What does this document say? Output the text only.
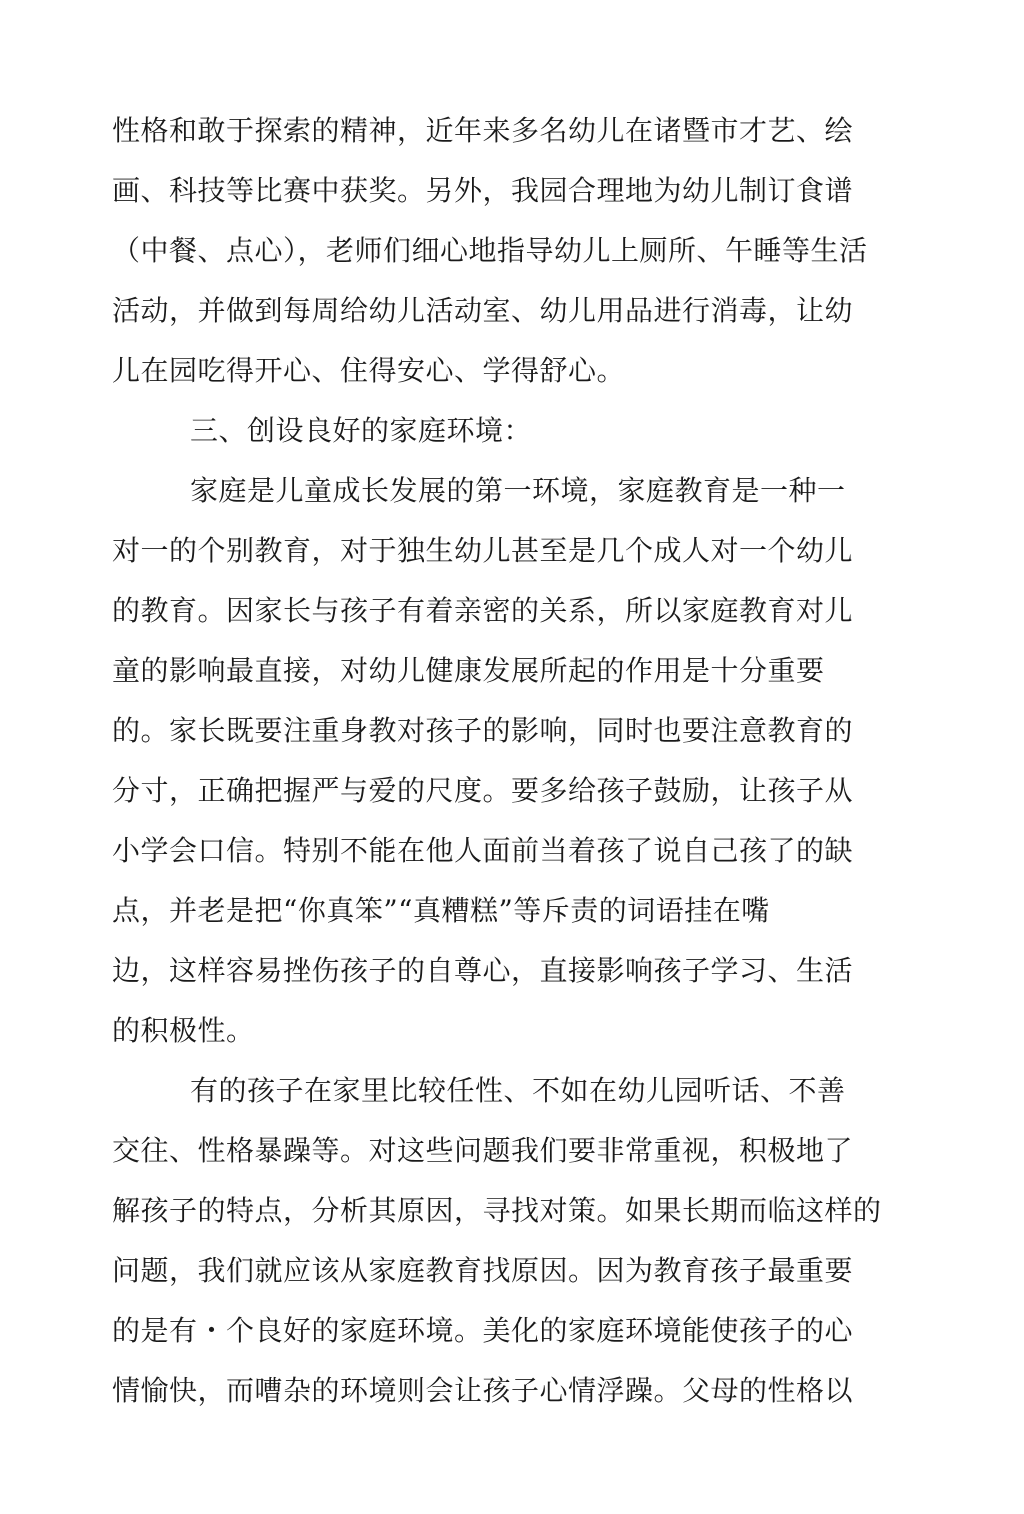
性格和敢于探索的精神，近年来多名幼儿在诸暨市才艺、绘
画、科技等比赛中获奖。另外，我园合理地为幼儿制订食谱
（中餐、点心），老师们细心地指导幼儿上厕所、午睡等生活
活动，并做到每周给幼儿活动室、幼儿用品进行消毒，让幼
儿在园吃得开心、住得安心、学得舒心。
三、创设良好的家庭环境：
家庭是儿童成长发展的第一环境，家庭教育是一种一
对一的个别教育，对于独生幼儿甚至是几个成人对一个幼儿
的教育。因家长与孩子有着亲密的关系，所以家庭教育对儿
童的影响最直接，对幼儿健康发展所起的作用是十分重要
的。家长既要注重身教对孩子的影响，同时也要注意教育的
分寸，正确把握严与爱的尺度。要多给孩子鼓励，让孩子从
小学会口信。特别不能在他人面前当着孩了说自己孩了的缺
点，并老是把“你真笨”“真糟糕”等斥责的词语挂在嘴
边，这样容易挫伤孩子的自尊心，直接影响孩子学习、生活
的积极性。
有的孩子在家里比较任性、不如在幼儿园听话、不善
交往、性格暴躁等。对这些问题我们要非常重视，积极地了
解孩子的特点，分析其原因，寻找对策。如果长期而临这样的
问题，我们就应该从家庭教育找原因。因为教育孩子最重要
的是有・个良好的家庭环境。美化的家庭环境能使孩子的心
情愉快，而嘈杂的环境则会让孩子心情浮躁。父母的性格以
